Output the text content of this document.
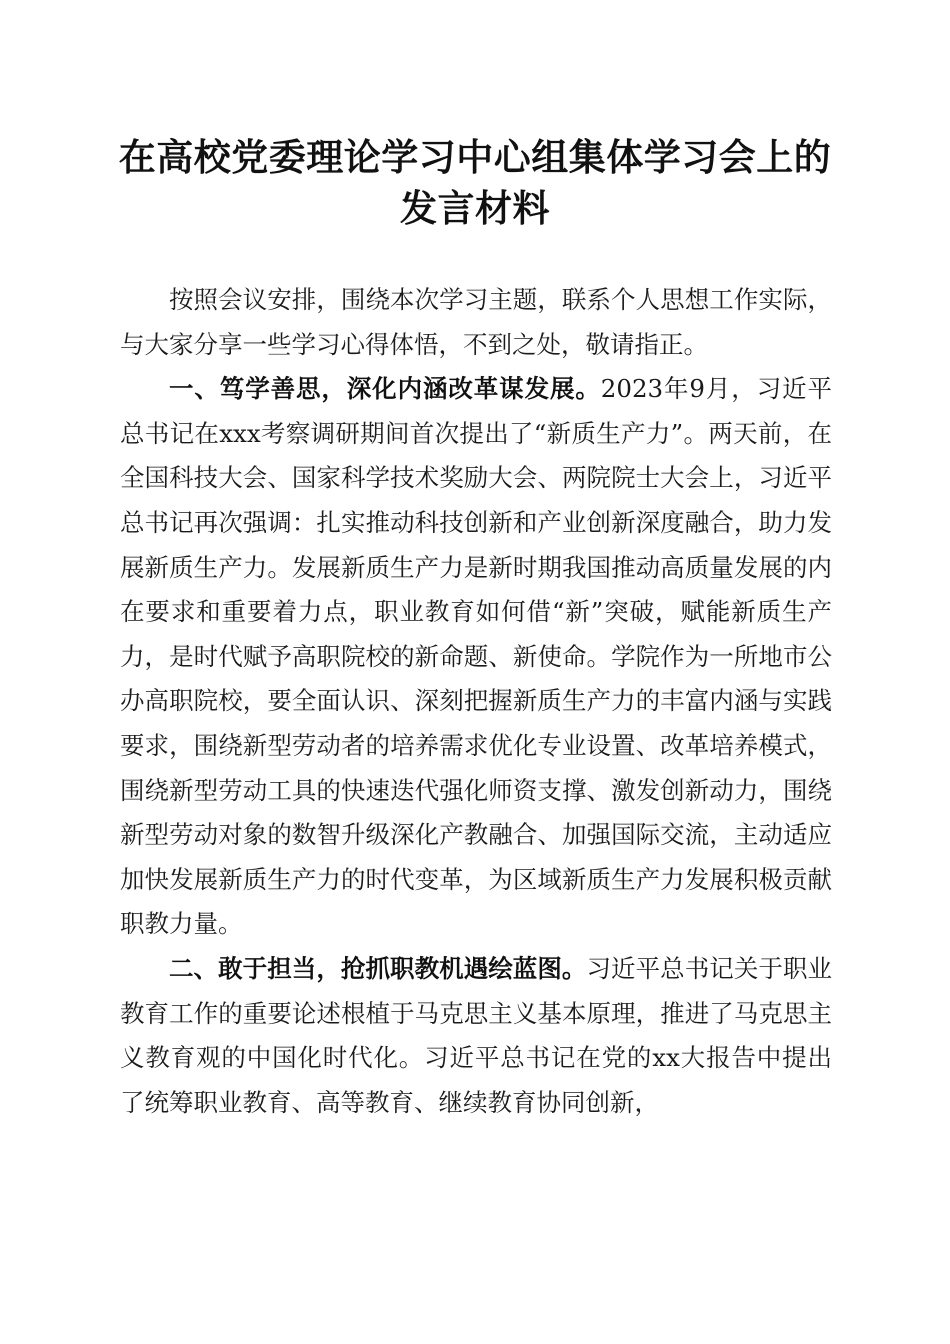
在高校党委理论学习中心组集体学习会上的发言材料

按照会议安排，围绕本次学习主题，联系个人思想工作实际，与大家分享一些学习心得体悟，不到之处，敬请指正。

一、笃学善思，深化内涵改革谋发展。2023年9月，习近平总书记在xxx考察调研期间首次提出了“新质生产力”。两天前，在全国科技大会、国家科学技术奖励大会、两院院士大会上，习近平总书记再次强调：扎实推动科技创新和产业创新深度融合，助力发展新质生产力。发展新质生产力是新时期我国推动高质量发展的内在要求和重要着力点，职业教育如何借“新”突破，赋能新质生产力，是时代赋予高职院校的新命题、新使命。学院作为一所地市公办高职院校，要全面认识、深刻把握新质生产力的丰富内涵与实践要求，围绕新型劳动者的培养需求优化专业设置、改革培养模式，围绕新型劳动工具的快速迭代强化师资支撑、激发创新动力，围绕新型劳动对象的数智升级深化产教融合、加强国际交流，主动适应加快发展新质生产力的时代变革，为区域新质生产力发展积极贡献职教力量。

二、敢于担当，抢抓职教机遇绘蓝图。习近平总书记关于职业教育工作的重要论述根植于马克思主义基本原理，推进了马克思主义教育观的中国化时代化。习近平总书记在党的xx大报告中提出了统筹职业教育、高等教育、继续教育协同创新，
